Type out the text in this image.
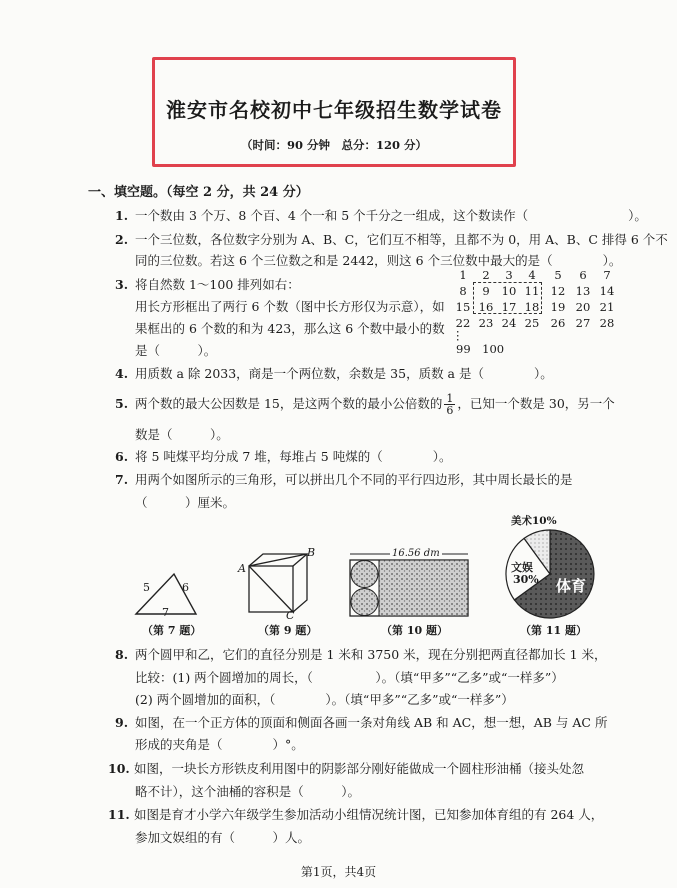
淮安市名校初中七年级招生数学试卷
（时间：90 分钟　总分：120 分）
一、填空题。（每空 2 分，共 24 分）
1. 一个数由 3 个万、8 个百、4 个一和 5 个千分之一组成，这个数读作（　　　　　　　　）。
2. 一个三位数，各位数字分别为 A、B、C，它们互不相等，且都不为 0，用 A、B、C 排得 6 个不
同的三位数。若这 6 个三位数之和是 2442，则这 6 个三位数中最大的是（　　　　）。
3. 将自然数 1～100 排列如右：
用长方形框出了两行 6 个数（图中长方形仅为示意），如
果框出的 6 个数的和为 423，那么这 6 个数中最小的数
是（　　　）。
1	2	3	4	5	6	7
8	9	10 11 12 13 14
15 16 17 18 19 20 21
22 23 24 25 26 27 28
⋮
99　100
4. 用质数 a 除 2033，商是一个两位数，余数是 35，质数 a 是（　　　　）。
5. 两个数的最大公因数是 15，是这两个数的最小公倍数的 $\frac{1}{6}$ ，已知一个数是 30，另一个
数是（　　　）。
6. 将 5 吨煤平均分成 7 堆，每堆占 5 吨煤的（　　　　）。
7. 用两个如图所示的三角形，可以拼出几个不同的平行四边形，其中周长最长的是
（　　　）厘米。
5	6
7
（第 7 题）
A
B
C
（第 9 题）
16.56 dm
（第 10 题）
美术10%
文娱
30% 体育
（第 11 题）
8. 两个圆甲和乙，它们的直径分别是 1 米和 3750 米，现在分别把两直径都加长 1 米，
比较：(1) 两个圆增加的周长，（　　　　　）。（填“甲多”“乙多”或“一样多”）
(2) 两个圆增加的面积，（　　　　）。（填“甲多”“乙多”或“一样多”）
9. 如图，在一个正方体的顶面和侧面各画一条对角线 AB 和 AC，想一想，AB 与 AC 所
形成的夹角是（　　　　）°。
10. 如图，一块长方形铁皮利用图中的阴影部分刚好能做成一个圆柱形油桶（接头处忽
略不计），这个油桶的容积是（　　　）。
11. 如图是育才小学六年级学生参加活动小组情况统计图，已知参加体育组的有 264 人，
参加文娱组的有（　　　）人。
第1页，共4页
